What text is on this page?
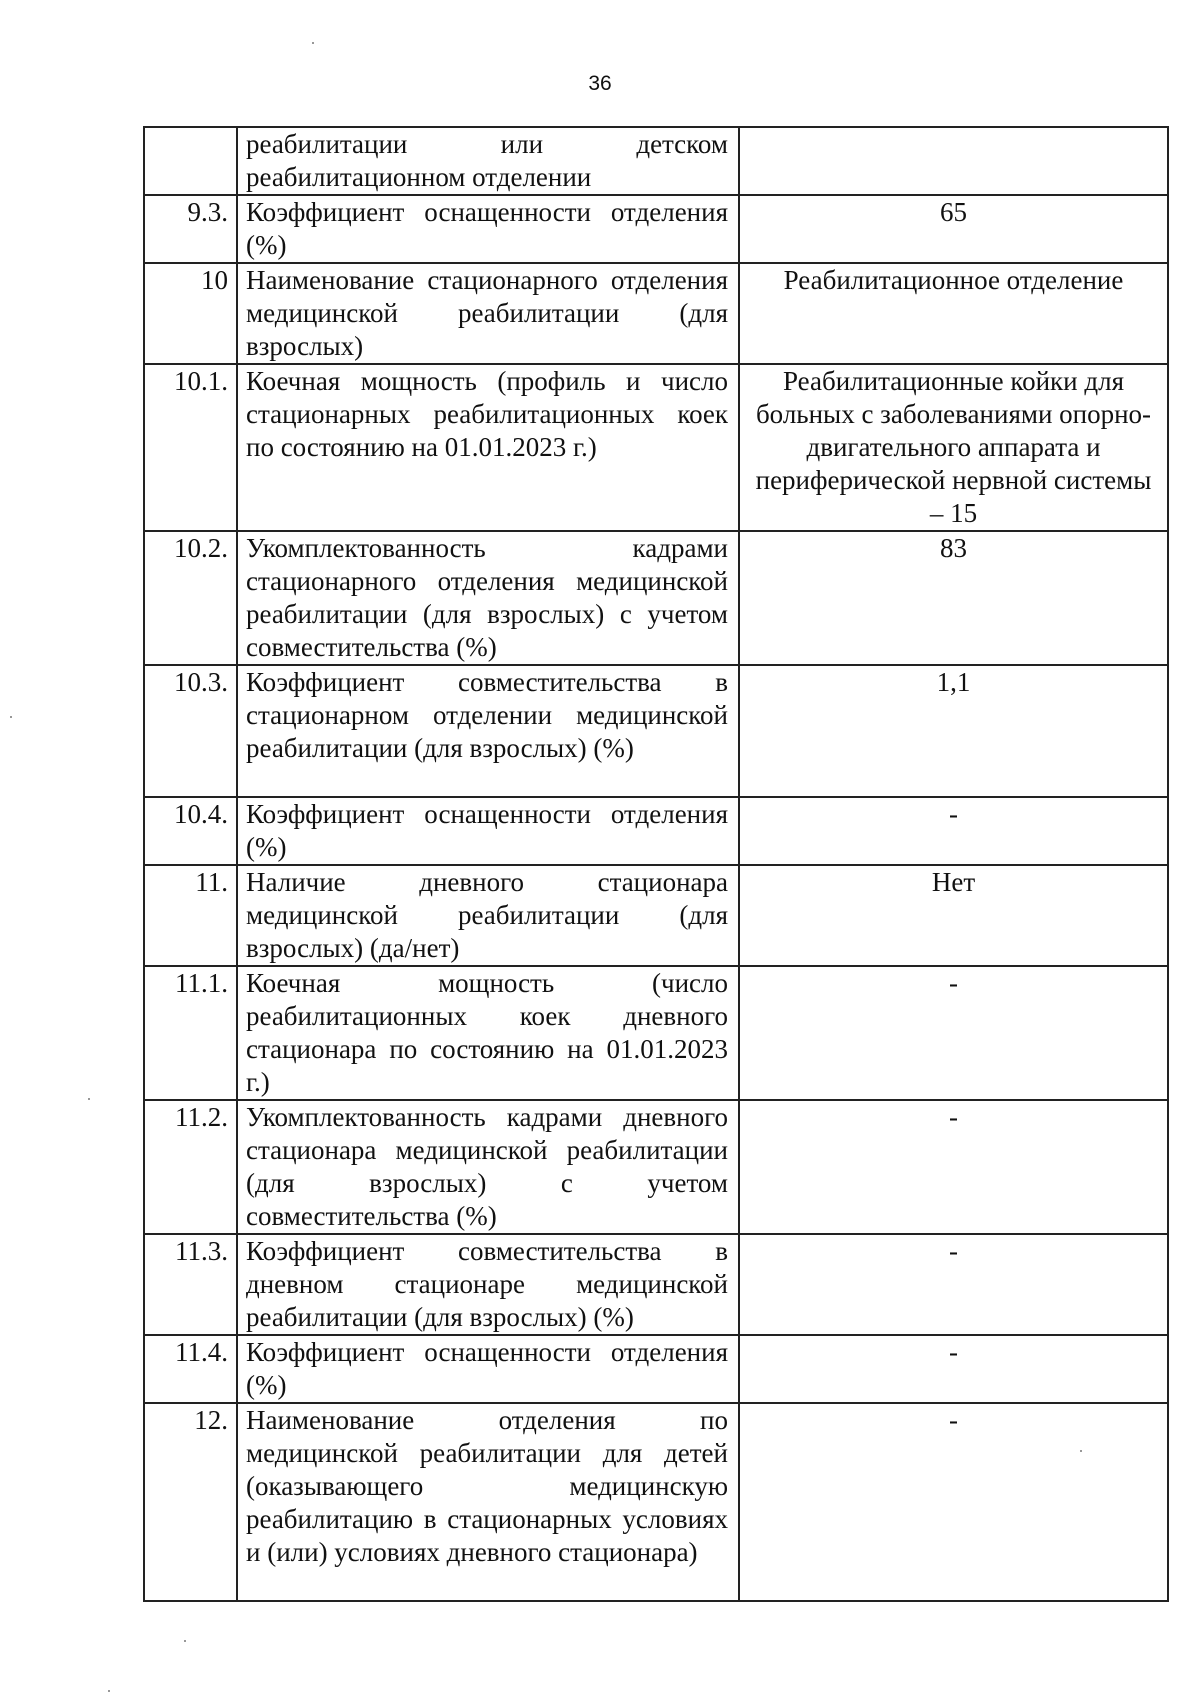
36
	реабилитации или детском реабилитационном отделении	
9.3.	Коэффициент оснащенности отделения (%)	65
10	Наименование стационарного отделения медицинской реабилитации (для взрослых)	Реабилитационное отделение
10.1.	Коечная мощность (профиль и число стационарных реабилитационных коек по состоянию на 01.01.2023 г.)	Реабилитационные койки для больных с заболеваниями опорно-двигательного аппарата и периферической нервной системы – 15
10.2.	Укомплектованность кадрами стационарного отделения медицинской реабилитации (для взрослых) с учетом совместительства (%)	83
10.3.	Коэффициент совместительства в стационарном отделении медицинской реабилитации (для взрослых) (%)	1,1
10.4.	Коэффициент оснащенности отделения (%)	-
11.	Наличие дневного стационара медицинской реабилитации (для взрослых) (да/нет)	Нет
11.1.	Коечная мощность (число реабилитационных коек дневного стационара по состоянию на 01.01.2023 г.)	-
11.2.	Укомплектованность кадрами дневного стационара медицинской реабилитации (для взрослых) с учетом совместительства (%)	-
11.3.	Коэффициент совместительства в дневном стационаре медицинской реабилитации (для взрослых) (%)	-
11.4.	Коэффициент оснащенности отделения (%)	-
12.	Наименование отделения по медицинской реабилитации для детей (оказывающего медицинскую реабилитацию в стационарных условиях и (или) условиях дневного стационара)	-
